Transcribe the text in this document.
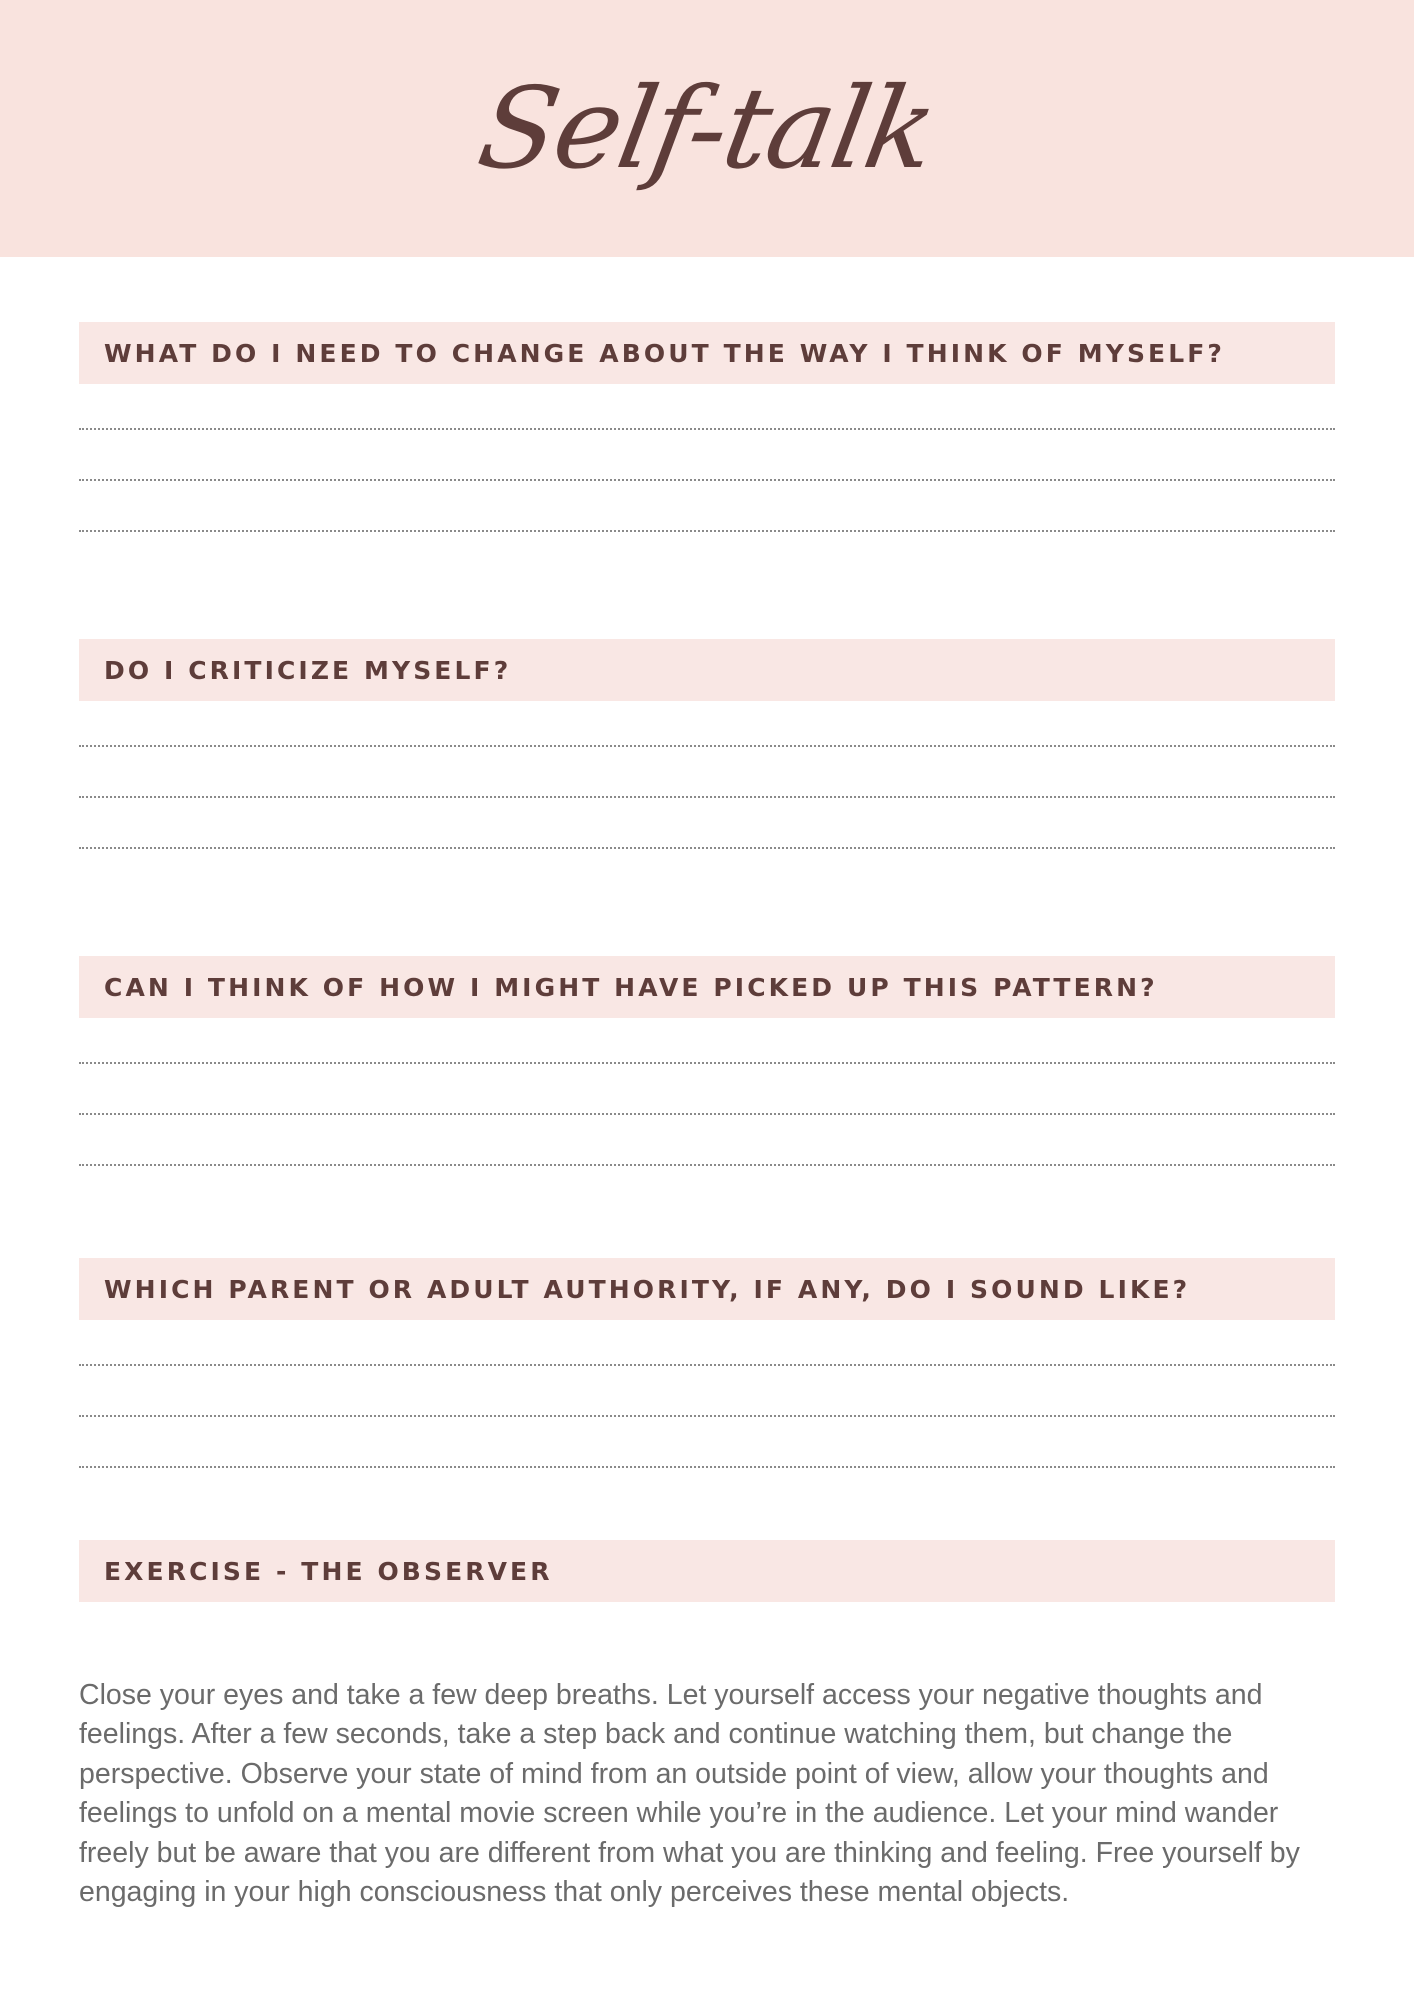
Self-talk
WHAT DO I NEED TO CHANGE ABOUT THE WAY I THINK OF MYSELF?
DO I CRITICIZE MYSELF?
CAN I THINK OF HOW I MIGHT HAVE PICKED UP THIS PATTERN?
WHICH PARENT OR ADULT AUTHORITY, IF ANY, DO I SOUND LIKE?
EXERCISE - THE OBSERVER

Close your eyes and take a few deep breaths. Let yourself access your negative thoughts and feelings. After a few seconds, take a step back and continue watching them, but change the perspective. Observe your state of mind from an outside point of view, allow your thoughts and feelings to unfold on a mental movie screen while you’re in the audience. Let your mind wander freely but be aware that you are different from what you are thinking and feeling. Free yourself by engaging in your high consciousness that only perceives these mental objects.
